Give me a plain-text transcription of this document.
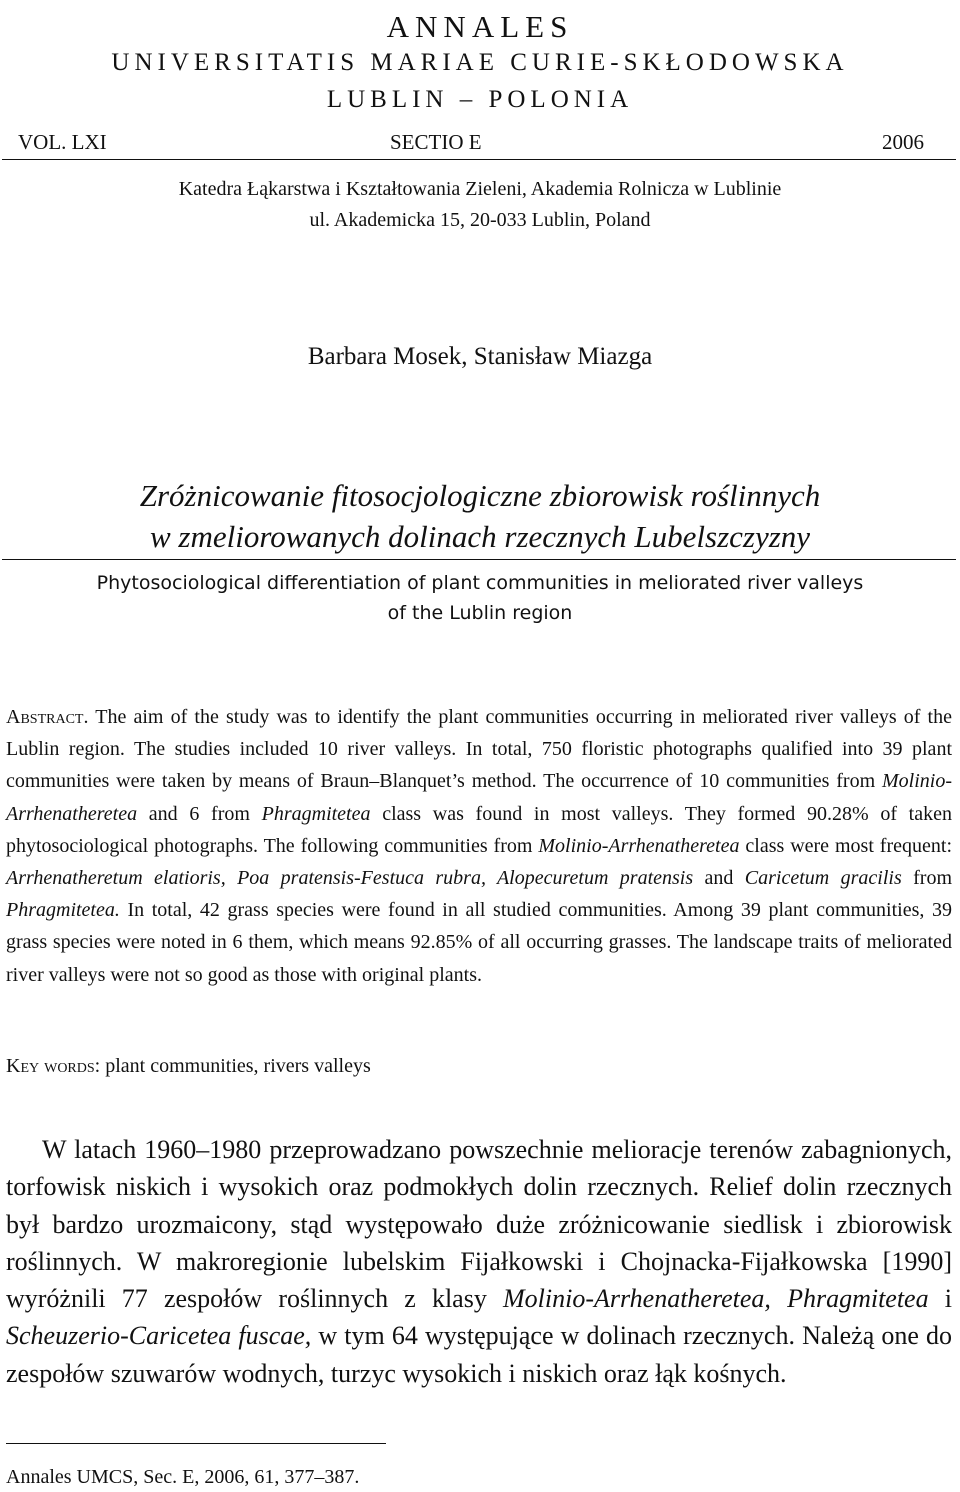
ANNALES
UNIVERSITATIS MARIAE CURIE-SKŁODOWSKA
LUBLIN – POLONIA
VOL. LXI	SECTIO E	2006
Katedra Łąkarstwa i Kształtowania Zieleni, Akademia Rolnicza w Lublinie
ul. Akademicka 15, 20-033 Lublin, Poland
Barbara Mosek, Stanisław Miazga
Zróżnicowanie fitosocjologiczne zbiorowisk roślinnych
w zmeliorowanych dolinach rzecznych Lubelszczyzny
Phytosociological differentiation of plant communities in meliorated river valleys
of the Lublin region
Abstract. The aim of the study was to identify the plant communities occurring in meliorated river valleys of the Lublin region. The studies included 10 river valleys. In total, 750 floristic photographs qualified into 39 plant communities were taken by means of Braun–Blanquet’s method. The occurrence of 10 communities from Molinio-Arrhenatheretea and 6 from Phragmitetea class was found in most valleys. They formed 90.28% of taken phytosociological photographs. The following communities from Molinio-Arrhenatheretea class were most frequent: Arrhenatheretum elatioris, Poa pratensis-Festuca rubra, Alopecuretum pratensis and Caricetum gracilis from Phragmitetea. In total, 42 grass species were found in all studied communities. Among 39 plant communities, 39 grass species were noted in 6 them, which means 92.85% of all occurring grasses. The landscape traits of meliorated river valleys were not so good as those with original plants.
Key words: plant communities, rivers valleys
W latach 1960–1980 przeprowadzano powszechnie melioracje terenów zabagnionych, torfowisk niskich i wysokich oraz podmokłych dolin rzecznych. Relief dolin rzecznych był bardzo urozmaicony, stąd występowało duże zróżnicowanie siedlisk i zbiorowisk roślinnych. W makroregionie lubelskim Fijałkowski i Chojnacka-Fijałkowska [1990] wyróżnili 77 zespołów roślinnych z klasy Molinio-Arrhenatheretea, Phragmitetea i Scheuzerio-Caricetea fuscae, w tym 64 występujące w dolinach rzecznych. Należą one do zespołów szuwarów wodnych, turzyc wysokich i niskich oraz łąk kośnych.
Annales UMCS, Sec. E, 2006, 61, 377–387.
